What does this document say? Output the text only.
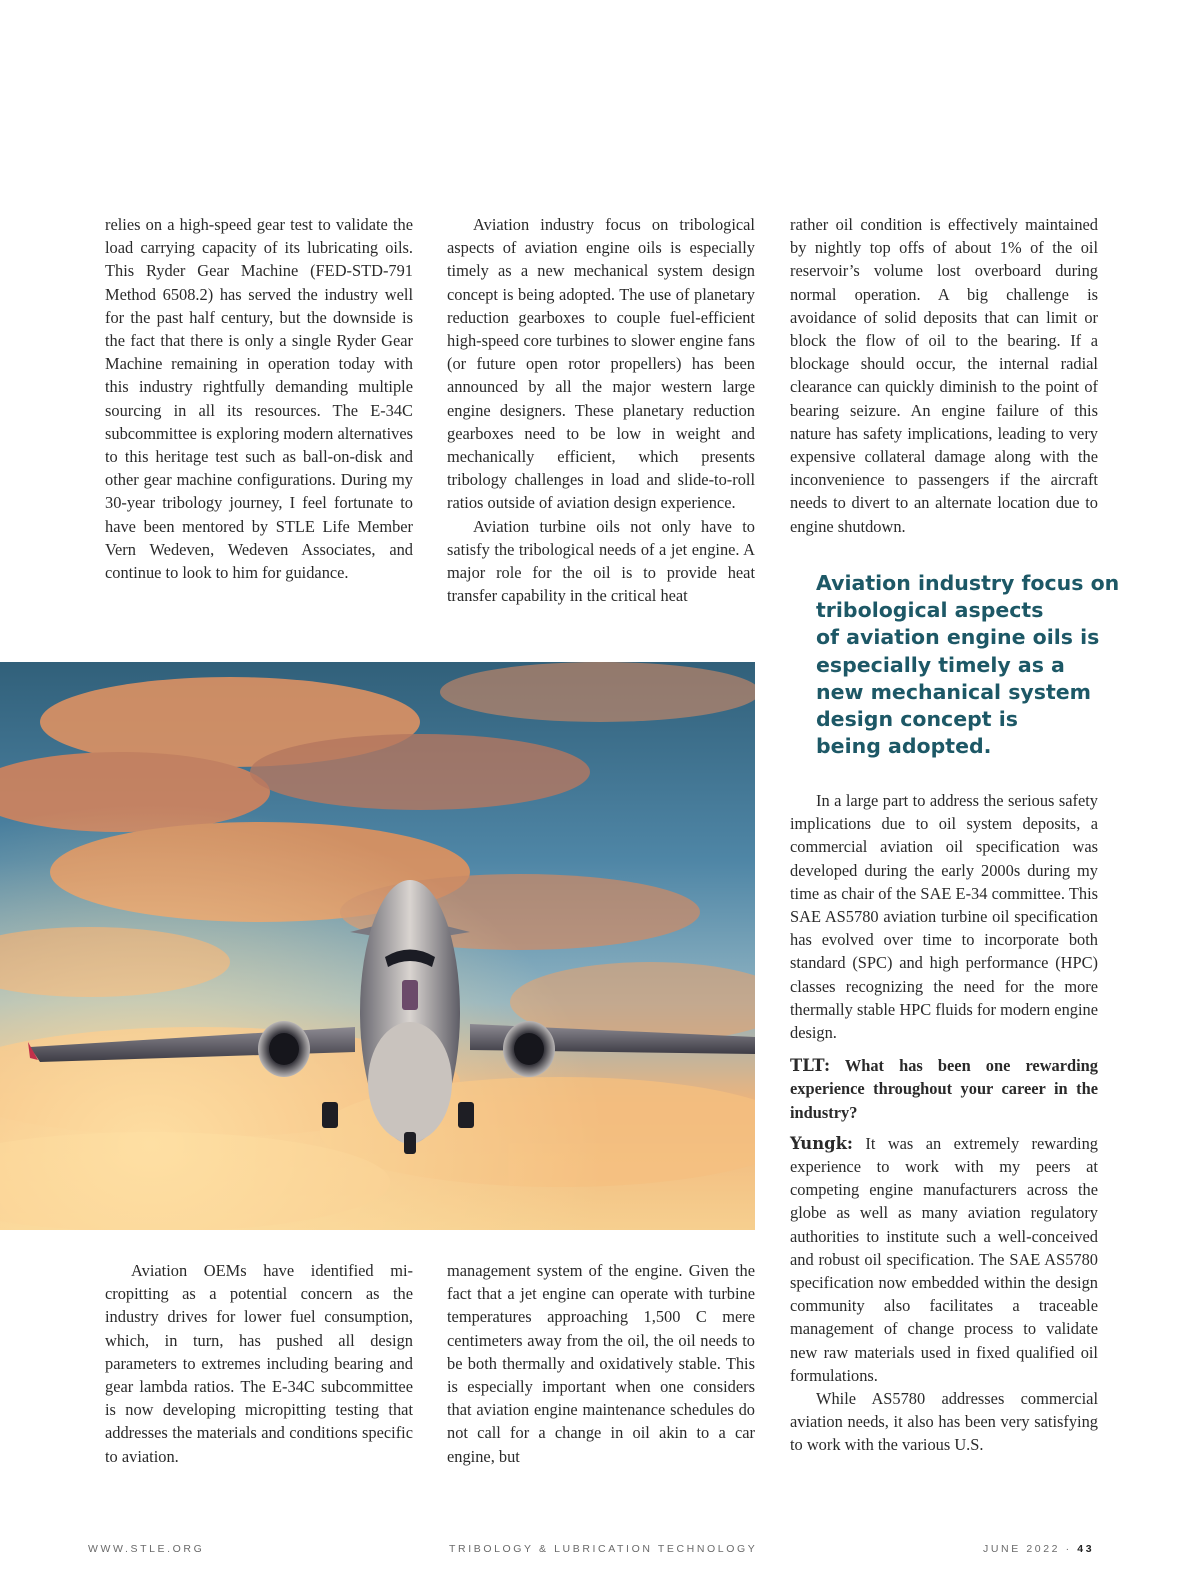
relies on a high-speed gear test to validate the load carrying capacity of its lubricating oils. This Ryder Gear Machine (FED-STD-791 Method 6508.2) has served the industry well for the past half century, but the downside is the fact that there is only a single Ryder Gear Machine remaining in operation today with this industry rightfully demanding multiple sourcing in all its resources. The E-34C subcommittee is exploring modern alternatives to this heritage test such as ball-on-disk and other gear machine configurations. During my 30-year tribology journey, I feel fortunate to have been mentored by STLE Life Member Vern Wedeven, Wedeven Associates, and continue to look to him for guidance.

Aviation industry focus on tribological aspects of aviation engine oils is especially timely as a new mechanical system design concept is being adopted. The use of planetary reduction gearboxes to couple fuel-efficient high-speed core turbines to slower engine fans (or future open rotor propellers) has been announced by all the major western large engine designers. These planetary reduction gearboxes need to be low in weight and mechanically efficient, which presents tribology challenges in load and slide-to-roll ratios outside of aviation design experience.

Aviation turbine oils not only have to satisfy the tribological needs of a jet engine. A major role for the oil is to provide heat transfer capability in the critical heat

rather oil condition is effectively maintained by nightly top offs of about 1% of the oil reservoir’s volume lost overboard during normal operation. A big challenge is avoidance of solid deposits that can limit or block the flow of oil to the bearing. If a blockage should occur, the internal radial clearance can quickly diminish to the point of bearing seizure. An engine failure of this nature has safety implications, leading to very expensive collateral damage along with the inconvenience to passengers if the aircraft needs to divert to an alternate location due to engine shutdown.

Aviation industry focus on
tribological aspects
of aviation engine oils is
especially timely as a
new mechanical system
design concept is
being adopted.

Aviation OEMs have identified micropitting as a potential concern as the industry drives for lower fuel consumption, which, in turn, has pushed all design parameters to extremes including bearing and gear lambda ratios. The E-34C subcommittee is now developing micropitting testing that addresses the materials and conditions specific to aviation.

management system of the engine. Given the fact that a jet engine can operate with turbine temperatures approaching 1,500 C mere centimeters away from the oil, the oil needs to be both thermally and oxidatively stable. This is especially important when one considers that aviation engine maintenance schedules do not call for a change in oil akin to a car engine, but

In a large part to address the serious safety implications due to oil system deposits, a commercial aviation oil specification was developed during the early 2000s during my time as chair of the SAE E-34 committee. This SAE AS5780 aviation turbine oil specification has evolved over time to incorporate both standard (SPC) and high performance (HPC) classes recognizing the need for the more thermally stable HPC fluids for modern engine design.

TLT: What has been one rewarding experience throughout your career in the industry?

Yungk: It was an extremely rewarding experience to work with my peers at competing engine manufacturers across the globe as well as many aviation regulatory authorities to institute such a well-conceived and robust oil specification. The SAE AS5780 specification now embedded within the design community also facilitates a traceable management of change process to validate new raw materials used in fixed qualified oil formulations.

While AS5780 addresses commercial aviation needs, it also has been very satisfying to work with the various U.S.

WWW.STLE.ORG	TRIBOLOGY & LUBRICATION TECHNOLOGY	JUNE 2022 · 43
